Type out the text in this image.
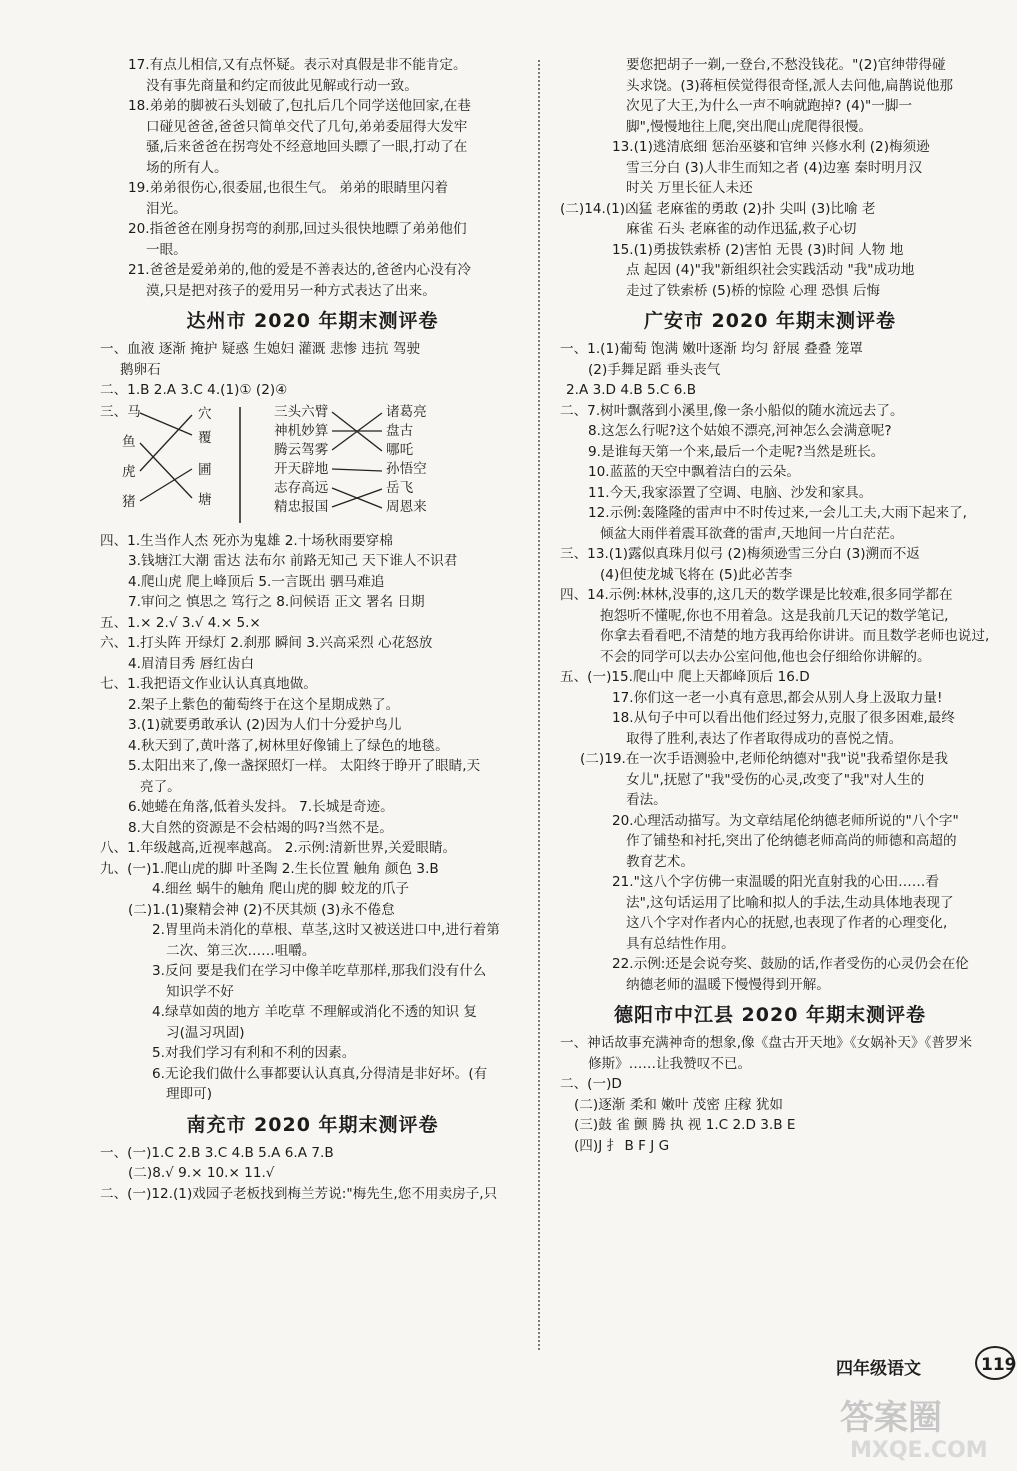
17.有点儿相信,又有点怀疑。表示对真假是非不能肯定。
没有事先商量和约定而彼此见解或行动一致。
18.弟弟的脚被石头划破了,包扎后几个同学送他回家,在巷
口碰见爸爸,爸爸只简单交代了几句,弟弟委屈得大发牢
骚,后来爸爸在拐弯处不经意地回头瞟了一眼,打动了在
场的所有人。
19.弟弟很伤心,很委屈,也很生气。 弟弟的眼睛里闪着
泪光。
20.指爸爸在刚身拐弯的刹那,回过头很快地瞟了弟弟他们
一眼。
21.爸爸是爱弟弟的,他的爱是不善表达的,爸爸内心没有冷
漠,只是把对孩子的爱用另一种方式表达了出来。
达州市 2020 年期末测评卷
一、血液 逐渐 掩护 疑惑 生媳妇 灌溉 悲惨 违抗 驾驶
鹅卵石
二、1.B 2.A 3.C 4.(1)① (2)④
三、马
鱼
虎
猪
穴
覆
圃
塘
三头六臂
神机妙算
腾云驾雾
开天辟地
志存高远
精忠报国
诸葛亮
盘古
哪吒
孙悟空
岳飞
周恩来
四、1.生当作人杰 死亦为鬼雄 2.十场秋雨要穿棉
3.钱塘江大潮 雷达 法布尔 前路无知己 天下谁人不识君
4.爬山虎 爬上峰顶后 5.一言既出 驷马难追
7.审问之 慎思之 笃行之 8.问候语 正文 署名 日期
五、1.× 2.√ 3.√ 4.× 5.×
六、1.打头阵 开绿灯 2.刹那 瞬间 3.兴高采烈 心花怒放
4.眉清目秀 唇红齿白
七、1.我把语文作业认认真真地做。
2.架子上紫色的葡萄终于在这个星期成熟了。
3.(1)就要勇敢承认 (2)因为人们十分爱护鸟儿
4.秋天到了,黄叶落了,树林里好像铺上了绿色的地毯。
5.太阳出来了,像一盏探照灯一样。 太阳终于睁开了眼睛,天
亮了。
6.她蜷在角落,低着头发抖。 7.长城是奇迹。
8.大自然的资源是不会枯竭的吗?当然不是。
八、1.年级越高,近视率越高。 2.示例:清新世界,关爱眼睛。
九、(一)1.爬山虎的脚 叶圣陶 2.生长位置 触角 颜色 3.B
4.细丝 蜗牛的触角 爬山虎的脚 蛟龙的爪子
(二)1.(1)聚精会神 (2)不厌其烦 (3)永不倦怠
2.胃里尚未消化的草根、草茎,这时又被送进口中,进行着第
二次、第三次……咀嚼。
3.反问 要是我们在学习中像羊吃草那样,那我们没有什么
知识学不好
4.绿草如茵的地方 羊吃草 不理解或消化不透的知识 复
习(温习巩固)
5.对我们学习有利和不利的因素。
6.无论我们做什么事都要认认真真,分得清是非好坏。(有
理即可)
南充市 2020 年期末测评卷
一、(一)1.C 2.B 3.C 4.B 5.A 6.A 7.B
(二)8.√ 9.× 10.× 11.√
二、(一)12.(1)戏园子老板找到梅兰芳说:"梅先生,您不用卖房子,只
要您把胡子一剃,一登台,不愁没钱花。"(2)官绅带得碰
头求饶。(3)蒋桓侯觉得很奇怪,派人去问他,扁鹊说他那
次见了大王,为什么一声不响就跑掉? (4)"一脚一
脚",慢慢地往上爬,突出爬山虎爬得很慢。
13.(1)逃清底细 惩治巫婆和官绅 兴修水利 (2)梅须逊
雪三分白 (3)人非生而知之者 (4)边塞 秦时明月汉
时关 万里长征人未还
(二)14.(1)凶猛 老麻雀的勇敢 (2)扑 尖叫 (3)比喻 老
麻雀 石头 老麻雀的动作迅猛,救子心切
15.(1)勇拔铁索桥 (2)害怕 无畏 (3)时间 人物 地
点 起因 (4)"我"新组织社会实践活动 "我"成功地
走过了铁索桥 (5)桥的惊险 心理 恐惧 后悔
广安市 2020 年期末测评卷
一、1.(1)葡萄 饱满 嫩叶逐渐 均匀 舒展 叠叠 笼罩
(2)手舞足蹈 垂头丧气
2.A 3.D 4.B 5.C 6.B
二、7.树叶飘落到小溪里,像一条小船似的随水流远去了。
8.这怎么行呢?这个姑娘不漂亮,河神怎么会满意呢?
9.是谁每天第一个来,最后一个走呢?当然是班长。
10.蓝蓝的天空中飘着洁白的云朵。
11.今天,我家添置了空调、电脑、沙发和家具。
12.示例:轰隆隆的雷声中不时传过来,一会儿工夫,大雨下起来了,
倾盆大雨伴着震耳欲聋的雷声,天地间一片白茫茫。
三、13.(1)露似真珠月似弓 (2)梅须逊雪三分白 (3)溯而不返
(4)但使龙城飞将在 (5)此必苦李
四、14.示例:林林,没事的,这几天的数学课是比较难,很多同学都在
抱怨听不懂呢,你也不用着急。这是我前几天记的数学笔记,
你拿去看看吧,不清楚的地方我再给你讲讲。而且数学老师也说过,
不会的同学可以去办公室问他,他也会仔细给你讲解的。
五、(一)15.爬山中 爬上天都峰顶后 16.D
17.你们这一老一小真有意思,都会从别人身上汲取力量!
18.从句子中可以看出他们经过努力,克服了很多困难,最终
取得了胜利,表达了作者取得成功的喜悦之情。
(二)19.在一次手语测验中,老师伦纳德对"我"说"我希望你是我
女儿",抚慰了"我"受伤的心灵,改变了"我"对人生的
看法。
20.心理活动描写。为文章结尾伦纳德老师所说的"八个字"
作了铺垫和衬托,突出了伦纳德老师高尚的师德和高超的
教育艺术。
21."这八个字仿佛一束温暖的阳光直射我的心田……看
法",这句话运用了比喻和拟人的手法,生动具体地表现了
这八个字对作者内心的抚慰,也表现了作者的心理变化,
具有总结性作用。
22.示例:还是会说夸奖、鼓励的话,作者受伤的心灵仍会在伦
纳德老师的温暖下慢慢得到开解。
德阳市中江县 2020 年期末测评卷
一、神话故事充满神奇的想象,像《盘古开天地》《女娲补天》《普罗米
修斯》……让我赞叹不已。
二、(一)D
(二)逐渐 柔和 嫩叶 茂密 庄稼 犹如
(三)鼓 雀 颤 腾 执 视 1.C 2.D 3.B E
(四)J 扌 B F J G
四年级语文	119
答案圈
MXQE.COM
